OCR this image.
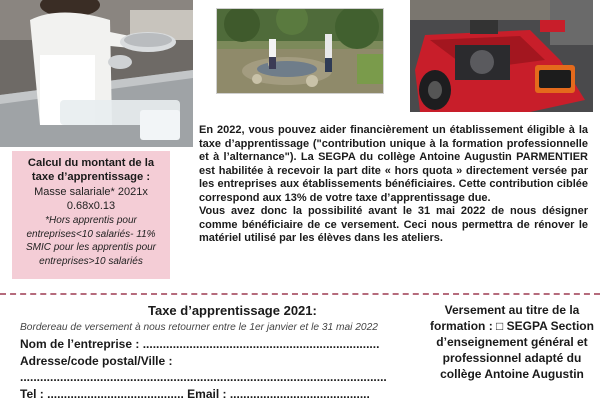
Calcul du montant de la taxe d’apprentissage :
Masse salariale* 2021x 0.68x0.13
*Hors apprentis pour entreprises<10 salariés- 11% SMIC pour les apprentis pour entreprises>10 salariés

En 2022, vous pouvez aider financièrement un établissement éligible à la taxe d’apprentissage ("contribution unique à la formation professionnelle et à l’alternance"). La SEGPA du collège Antoine Augustin PARMENTIER est habilitée à recevoir la part dite « hors quota » directement versée par les entreprises aux établissements bénéficiaires. Cette contribution ciblée correspond aux 13% de votre taxe d’apprentissage due.

Vous avez donc la possibilité avant le 31 mai 2022 de nous désigner comme bénéficiaire de ce versement. Ceci nous permettra de rénover le matériel utilisé par les élèves dans les ateliers.

Taxe d’apprentissage 2021:
Bordereau de versement à nous retourner entre le 1er janvier et le 31 mai 2022
Nom de l’entreprise : .......................................................................
Adresse/code postal/Ville :
..............................................................................................................
Tel : ......................................... Email : ..........................................
Versement au titre de la formation : □ SEGPA Section d’enseignement général et professionnel adapté du collège Antoine Augustin
